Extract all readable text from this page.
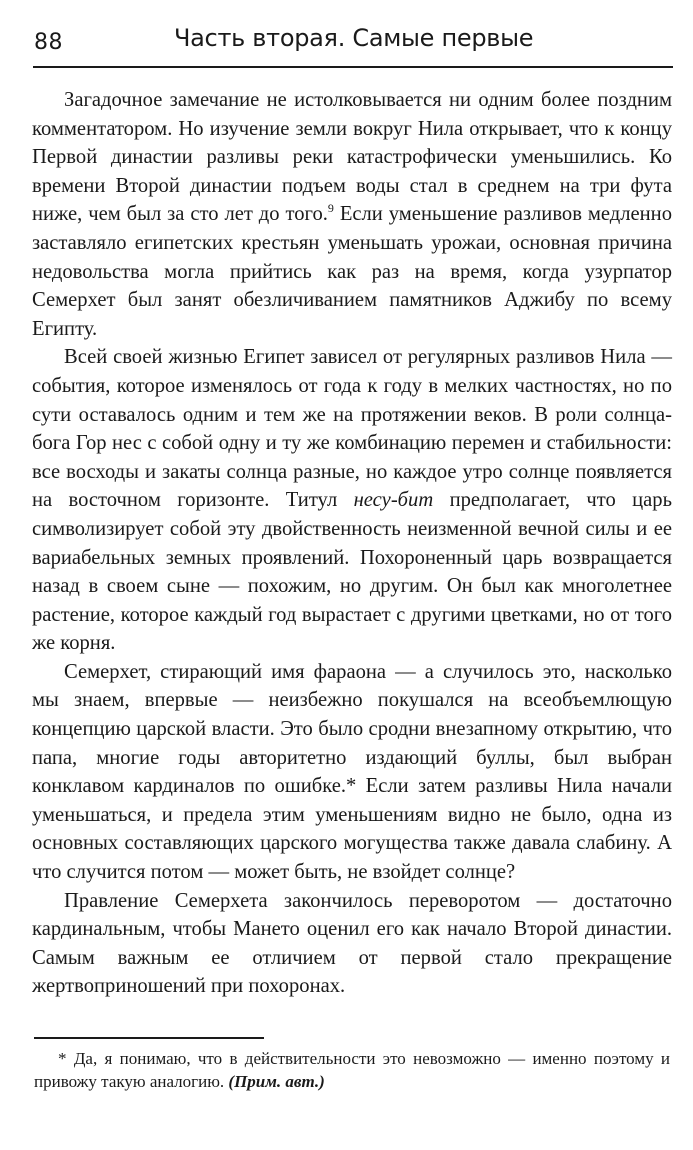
88	Часть вторая. Самые первые

Загадочное замечание не истолковывается ни одним более поздним комментатором. Но изучение земли вокруг Нила открывает, что к концу Первой династии разливы реки катастрофически уменьшились. Ко времени Второй династии подъем воды стал в среднем на три фута ниже, чем был за сто лет до того.$^9$ Если уменьшение разливов медленно заставляло египетских крестьян уменьшать урожаи, основная причина недовольства могла прийтись как раз на время, когда узурпатор Семерхет был занят обезличиванием памятников Аджибу по всему Египту.

Всей своей жизнью Египет зависел от регулярных разливов Нила — события, которое изменялось от года к году в мелких частностях, но по сути оставалось одним и тем же на протяжении веков. В роли солнца-бога Гор нес с собой одну и ту же комбинацию перемен и стабильности: все восходы и закаты солнца разные, но каждое утро солнце появляется на восточном горизонте. Титул несу-бит предполагает, что царь символизирует собой эту двойственность неизменной вечной силы и ее вариабельных земных проявлений. Похороненный царь возвращается назад в своем сыне — похожим, но другим. Он был как многолетнее растение, которое каждый год вырастает с другими цветками, но от того же корня.

Семерхет, стирающий имя фараона — а случилось это, насколько мы знаем, впервые — неизбежно покушался на всеобъемлющую концепцию царской власти. Это было сродни внезапному открытию, что папа, многие годы авторитетно издающий буллы, был выбран конклавом кардиналов по ошибке.* Если затем разливы Нила начали уменьшаться, и предела этим уменьшениям видно не было, одна из основных составляющих царского могущества также давала слабину. А что случится потом — может быть, не взойдет солнце?

Правление Семерхета закончилось переворотом — достаточно кардинальным, чтобы Мането оценил его как начало Второй династии. Самым важным ее отличием от первой стало прекращение жертвоприношений при похоронах.

* Да, я понимаю, что в действительности это невозможно — именно поэтому и привожу такую аналогию. (Прим. авт.)
